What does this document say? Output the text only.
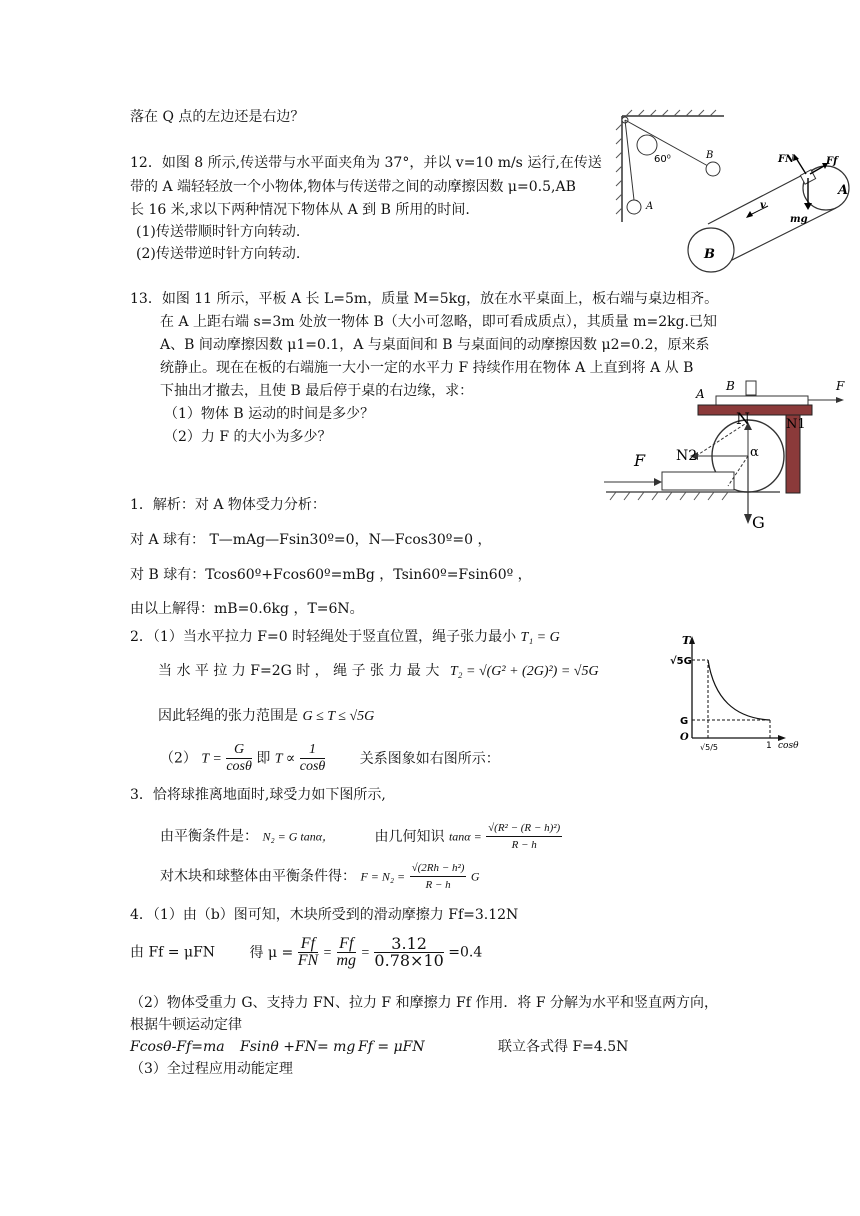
落在 Q 点的左边还是右边？
12．如图 8 所示,传送带与水平面夹角为 37°，并以 v=10 m/s 运行,在传送
带的 A 端轻轻放一个小物体,物体与传送带之间的动摩擦因数 μ=0.5,AB
长 16 米,求以下两种情况下物体从 A 到 B 所用的时间.
(1)传送带顺时针方向转动.
(2)传送带逆时针方向转动.
13．如图 11 所示，平板 A 长 L=5m，质量 M=5kg，放在水平桌面上，板右端与桌边相齐。
在 A 上距右端 s=3m 处放一物体 B（大小可忽略，即可看成质点），其质量 m=2kg.已知
A、B 间动摩擦因数 μ1=0.1，A 与桌面间和 B 与桌面间的动摩擦因数 μ2=0.2，原来系
统静止。现在在板的右端施一大小一定的水平力 F 持续作用在物体 A 上直到将 A 从 B
下抽出才撤去，且使 B 最后停于桌的右边缘，求：
（1）物体 B 运动的时间是多少？
（2）力 F 的大小为多少？
1．解析：对 A 物体受力分析：
对 A 球有： T—mAg—Fsin30º=0，N—Fcos30º=0 ，
对 B 球有：Tcos60º+Fcos60º=mBg ，Tsin60º=Fsin60º ，
由以上解得：mB=0.6kg ，T=6N。
2．（1）当水平拉力 F=0 时轻绳处于竖直位置，绳子张力最小 T₁ = G
当 水 平 拉 力 F=2G 时 ， 绳 子 张 力 最 大 T₂ = √(G² + (2G)²) = √5G
因此轻绳的张力范围是 G ≤ T ≤ √5G
（2） $T = \frac{G}{\cos\theta}$ 即 $T \propto \frac{1}{\cos\theta}$ 关系图象如右图所示：
3．恰将球推离地面时,球受力如下图所示,
由平衡条件是： N₂ = G tanα，	由几何知识 $\tan\alpha = \frac{\text{√(R² − (R − h)²)}}{R - h}$
对木块和球整体由平衡条件得： $F = N_2 = \frac{\text{√(2Rh − h²)}}{R - h}$ G
4．（1）由（b）图可知，木块所受到的滑动摩擦力 Ff=3.12N
由 Ff = μFN 得 $\mu = \frac{Ff}{FN} = \frac{Ff}{mg} = \frac{3.12}{0.78\times 10} =0.4$
（2）物体受重力 G、支持力 FN、拉力 F 和摩擦力 Ff 作用．将 F 分解为水平和竖直两方向，
根据牛顿运动定律
Fcosθ-Ff=ma Fsinθ +FN= mg Ff = μFN	联立各式得 F=4.5N
（3）全过程应用动能定理
60⁰	B
A
A
B
FN	Ff
v
mg
B
A
F
F
G
N	N1
N2	α
T
√5G
G
O
√5/5	1 cosθ
